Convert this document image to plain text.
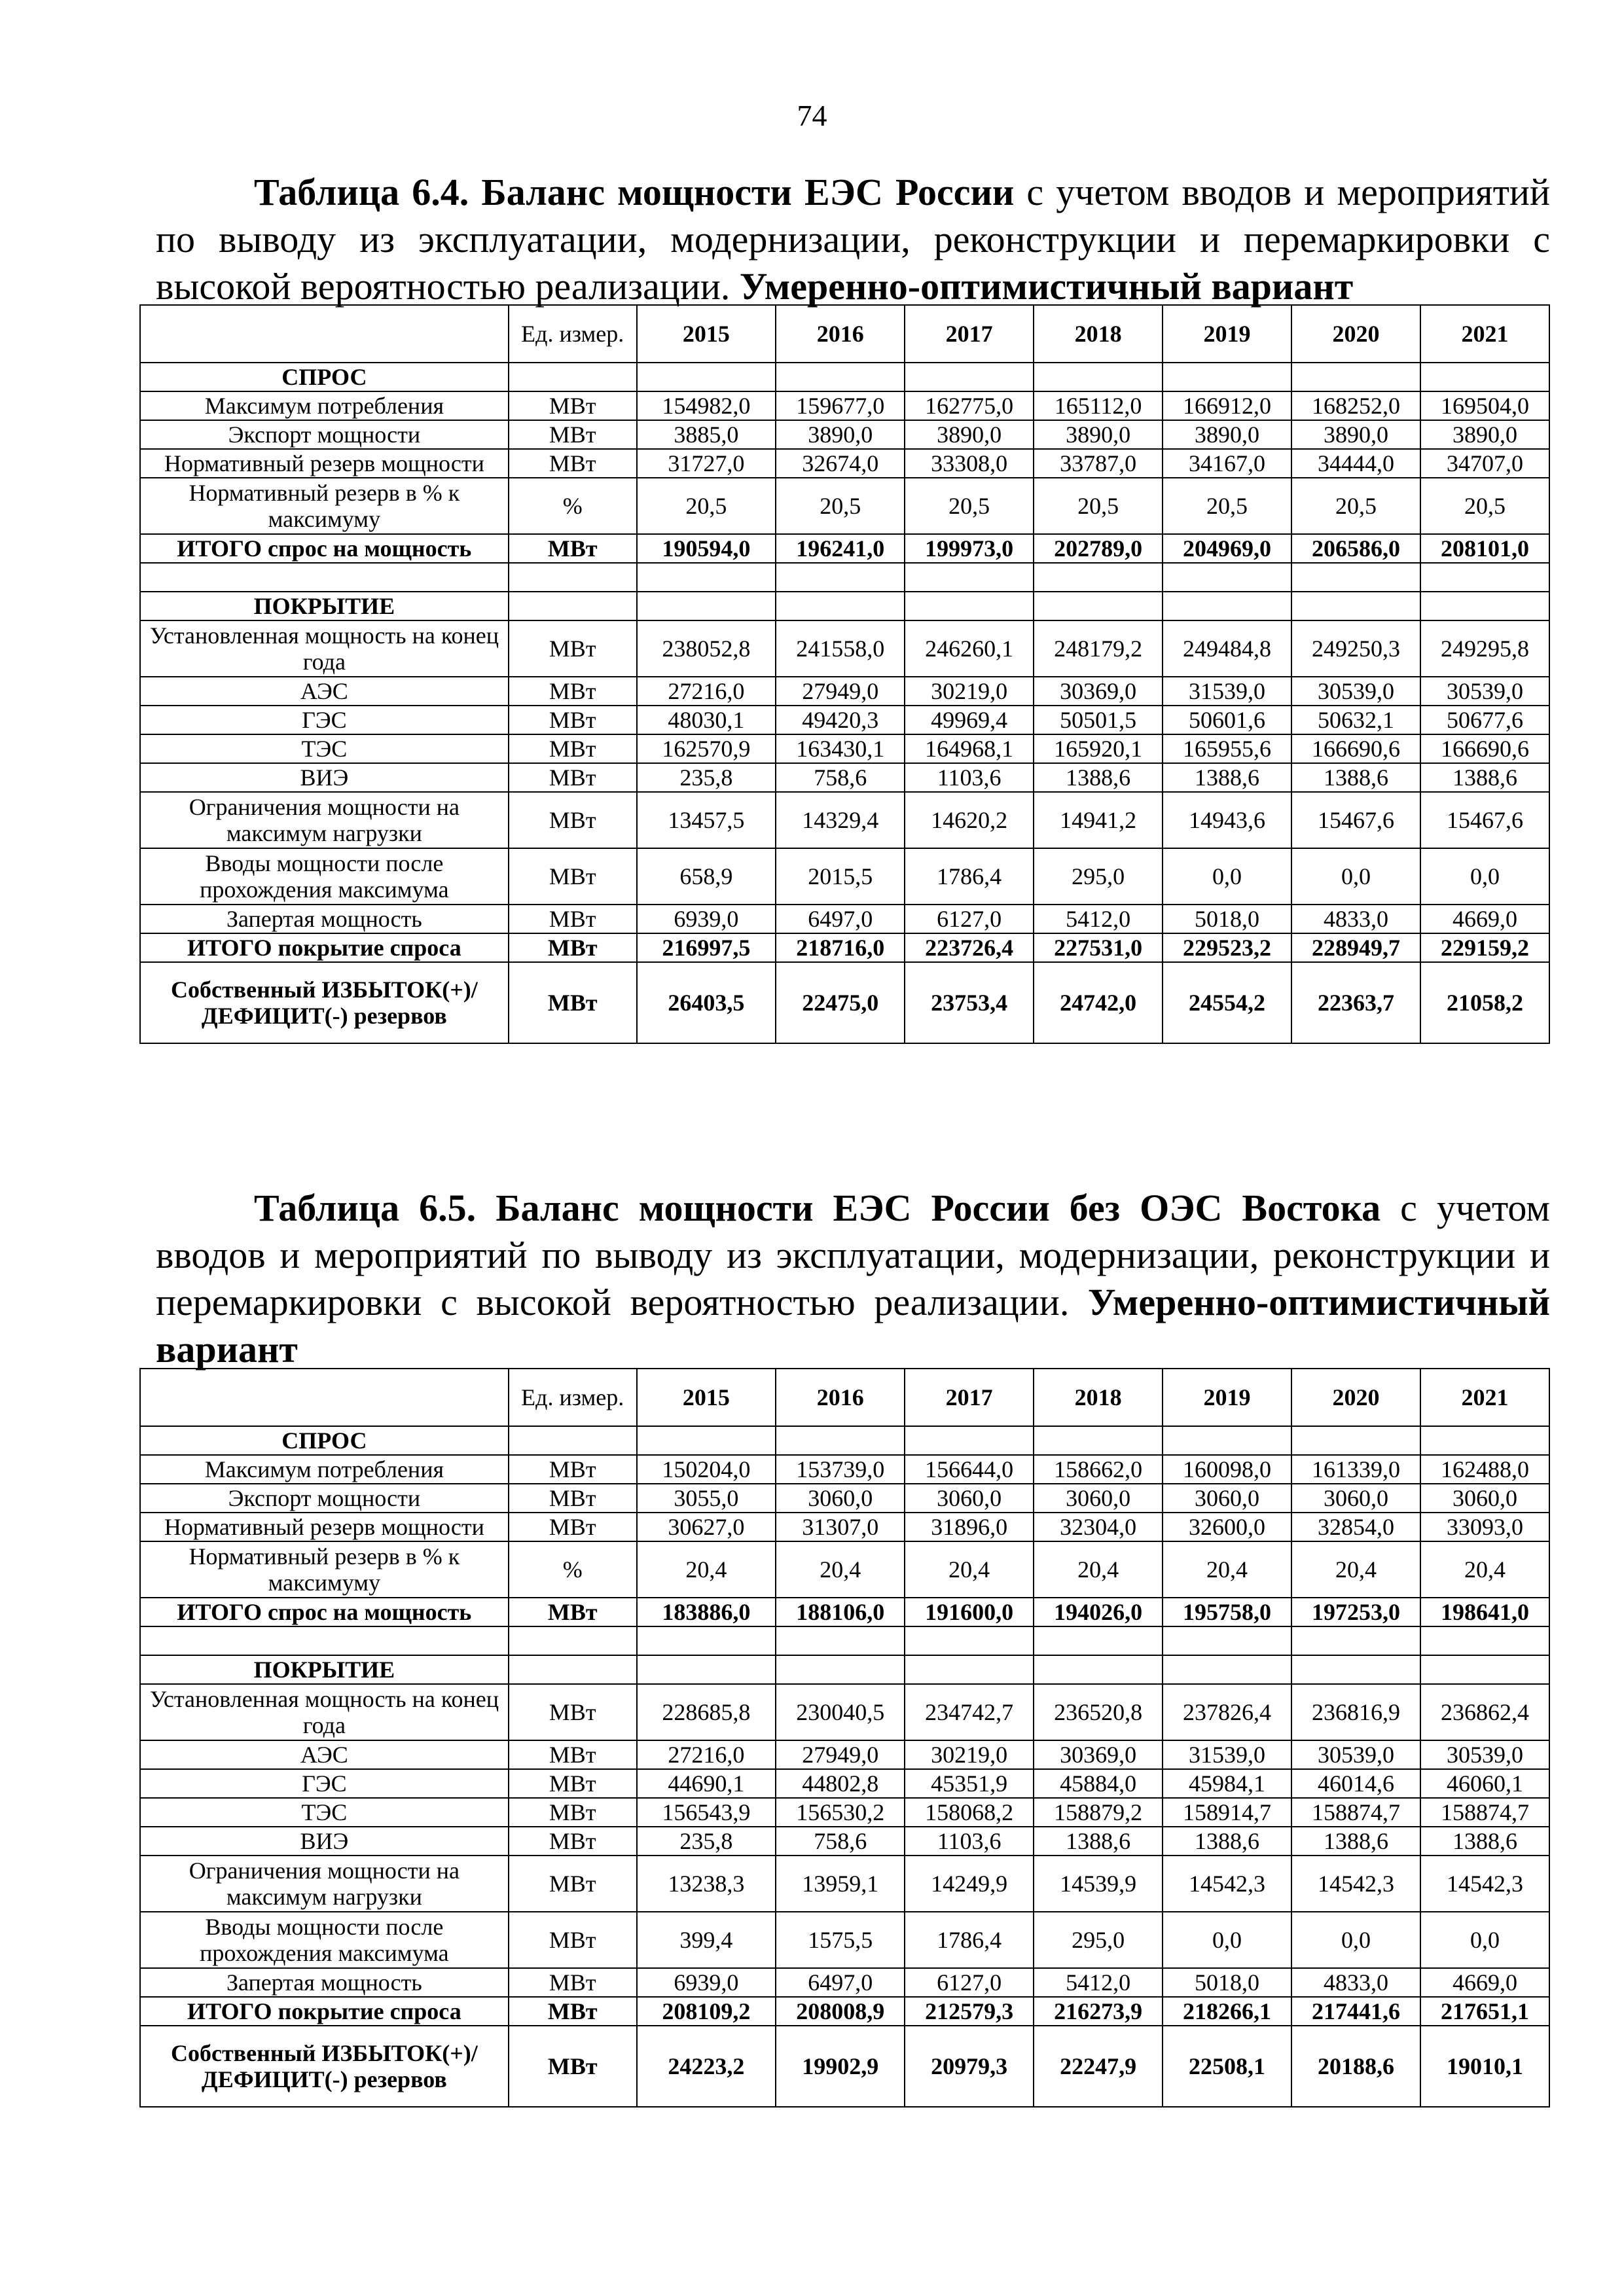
74
Таблица 6.4. Баланс мощности ЕЭС России с учетом вводов и мероприятий по выводу из эксплуатации, модернизации, реконструкции и перемаркировки с высокой вероятностью реализации. Умеренно-оптимистичный вариант
	Ед. измер.	2015	2016	2017	2018	2019	2020	2021
СПРОС								
Максимум потребления	МВт	154982,0	159677,0	162775,0	165112,0	166912,0	168252,0	169504,0
Экспорт мощности	МВт	3885,0	3890,0	3890,0	3890,0	3890,0	3890,0	3890,0
Нормативный резерв мощности	МВт	31727,0	32674,0	33308,0	33787,0	34167,0	34444,0	34707,0
Нормативный резерв в % к максимуму	%	20,5	20,5	20,5	20,5	20,5	20,5	20,5
ИТОГО спрос на мощность	МВт	190594,0	196241,0	199973,0	202789,0	204969,0	206586,0	208101,0

ПОКРЫТИЕ								
Установленная мощность на конец года	МВт	238052,8	241558,0	246260,1	248179,2	249484,8	249250,3	249295,8
АЭС	МВт	27216,0	27949,0	30219,0	30369,0	31539,0	30539,0	30539,0
ГЭС	МВт	48030,1	49420,3	49969,4	50501,5	50601,6	50632,1	50677,6
ТЭС	МВт	162570,9	163430,1	164968,1	165920,1	165955,6	166690,6	166690,6
ВИЭ	МВт	235,8	758,6	1103,6	1388,6	1388,6	1388,6	1388,6
Ограничения мощности на максимум нагрузки	МВт	13457,5	14329,4	14620,2	14941,2	14943,6	15467,6	15467,6
Вводы мощности после прохождения максимума	МВт	658,9	2015,5	1786,4	295,0	0,0	0,0	0,0
Запертая мощность	МВт	6939,0	6497,0	6127,0	5412,0	5018,0	4833,0	4669,0
ИТОГО покрытие спроса	МВт	216997,5	218716,0	223726,4	227531,0	229523,2	228949,7	229159,2
Собственный ИЗБЫТОК(+)/ДЕФИЦИТ(-) резервов	МВт	26403,5	22475,0	23753,4	24742,0	24554,2	22363,7	21058,2
Таблица 6.5. Баланс мощности ЕЭС России без ОЭС Востока с учетом вводов и мероприятий по выводу из эксплуатации, модернизации, реконструкции и перемаркировки с высокой вероятностью реализации. Умеренно-оптимистичный вариант
	Ед. измер.	2015	2016	2017	2018	2019	2020	2021
СПРОС								
Максимум потребления	МВт	150204,0	153739,0	156644,0	158662,0	160098,0	161339,0	162488,0
Экспорт мощности	МВт	3055,0	3060,0	3060,0	3060,0	3060,0	3060,0	3060,0
Нормативный резерв мощности	МВт	30627,0	31307,0	31896,0	32304,0	32600,0	32854,0	33093,0
Нормативный резерв в % к максимуму	%	20,4	20,4	20,4	20,4	20,4	20,4	20,4
ИТОГО спрос на мощность	МВт	183886,0	188106,0	191600,0	194026,0	195758,0	197253,0	198641,0

ПОКРЫТИЕ								
Установленная мощность на конец года	МВт	228685,8	230040,5	234742,7	236520,8	237826,4	236816,9	236862,4
АЭС	МВт	27216,0	27949,0	30219,0	30369,0	31539,0	30539,0	30539,0
ГЭС	МВт	44690,1	44802,8	45351,9	45884,0	45984,1	46014,6	46060,1
ТЭС	МВт	156543,9	156530,2	158068,2	158879,2	158914,7	158874,7	158874,7
ВИЭ	МВт	235,8	758,6	1103,6	1388,6	1388,6	1388,6	1388,6
Ограничения мощности на максимум нагрузки	МВт	13238,3	13959,1	14249,9	14539,9	14542,3	14542,3	14542,3
Вводы мощности после прохождения максимума	МВт	399,4	1575,5	1786,4	295,0	0,0	0,0	0,0
Запертая мощность	МВт	6939,0	6497,0	6127,0	5412,0	5018,0	4833,0	4669,0
ИТОГО покрытие спроса	МВт	208109,2	208008,9	212579,3	216273,9	218266,1	217441,6	217651,1
Собственный ИЗБЫТОК(+)/ДЕФИЦИТ(-) резервов	МВт	24223,2	19902,9	20979,3	22247,9	22508,1	20188,6	19010,1
